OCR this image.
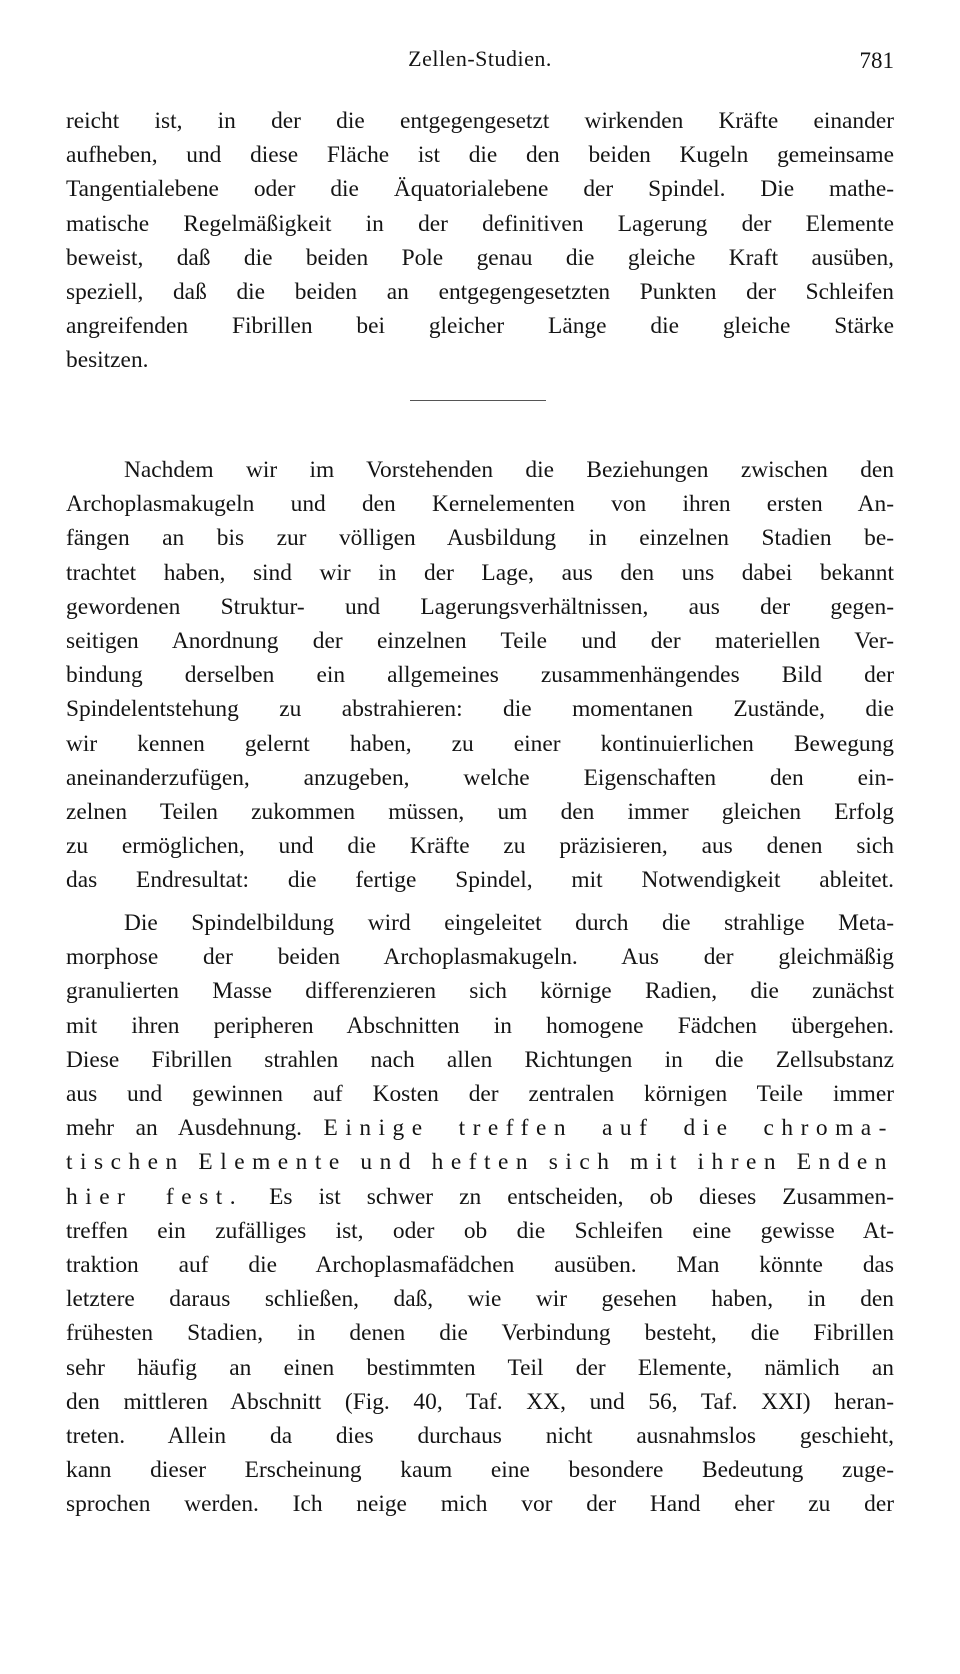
Zellen-Studien.	781

reicht ist, in der die entgegengesetzt wirkenden Kräfte einander
aufheben, und diese Fläche ist die den beiden Kugeln gemeinsame
Tangentialebene oder die Äquatorialebene der Spindel. Die mathe-
matische Regelmäßigkeit in der definitiven Lagerung der Elemente
beweist, daß die beiden Pole genau die gleiche Kraft ausüben,
speziell, daß die beiden an entgegengesetzten Punkten der Schleifen
angreifenden Fibrillen bei gleicher Länge die gleiche Stärke
besitzen.

Nachdem wir im Vorstehenden die Beziehungen zwischen den
Archoplasmakugeln und den Kernelementen von ihren ersten An-
fängen an bis zur völligen Ausbildung in einzelnen Stadien be-
trachtet haben, sind wir in der Lage, aus den uns dabei bekannt
gewordenen Struktur- und Lagerungsverhältnissen, aus der gegen-
seitigen Anordnung der einzelnen Teile und der materiellen Ver-
bindung derselben ein allgemeines zusammenhängendes Bild der
Spindelentstehung zu abstrahieren: die momentanen Zustände, die
wir kennen gelernt haben, zu einer kontinuierlichen Bewegung
aneinanderzufügen, anzugeben, welche Eigenschaften den ein-
zelnen Teilen zukommen müssen, um den immer gleichen Erfolg
zu ermöglichen, und die Kräfte zu präzisieren, aus denen sich
das Endresultat: die fertige Spindel, mit Notwendigkeit ableitet.

Die Spindelbildung wird eingeleitet durch die strahlige Meta-
morphose der beiden Archoplasmakugeln. Aus der gleichmäßig
granulierten Masse differenzieren sich körnige Radien, die zunächst
mit ihren peripheren Abschnitten in homogene Fädchen übergehen.
Diese Fibrillen strahlen nach allen Richtungen in die Zellsubstanz
aus und gewinnen auf Kosten der zentralen körnigen Teile immer
mehr an Ausdehnung. Einige treffen auf die chroma-
tischen Elemente und heften sich mit ihren Enden
hier fest. Es ist schwer zn entscheiden, ob dieses Zusammen-
treffen ein zufälliges ist, oder ob die Schleifen eine gewisse At-
traktion auf die Archoplasmafädchen ausüben. Man könnte das
letztere daraus schließen, daß, wie wir gesehen haben, in den
frühesten Stadien, in denen die Verbindung besteht, die Fibrillen
sehr häufig an einen bestimmten Teil der Elemente, nämlich an
den mittleren Abschnitt (Fig. 40, Taf. XX, und 56, Taf. XXI) heran-
treten. Allein da dies durchaus nicht ausnahmslos geschieht,
kann dieser Erscheinung kaum eine besondere Bedeutung zuge-
sprochen werden. Ich neige mich vor der Hand eher zu der
